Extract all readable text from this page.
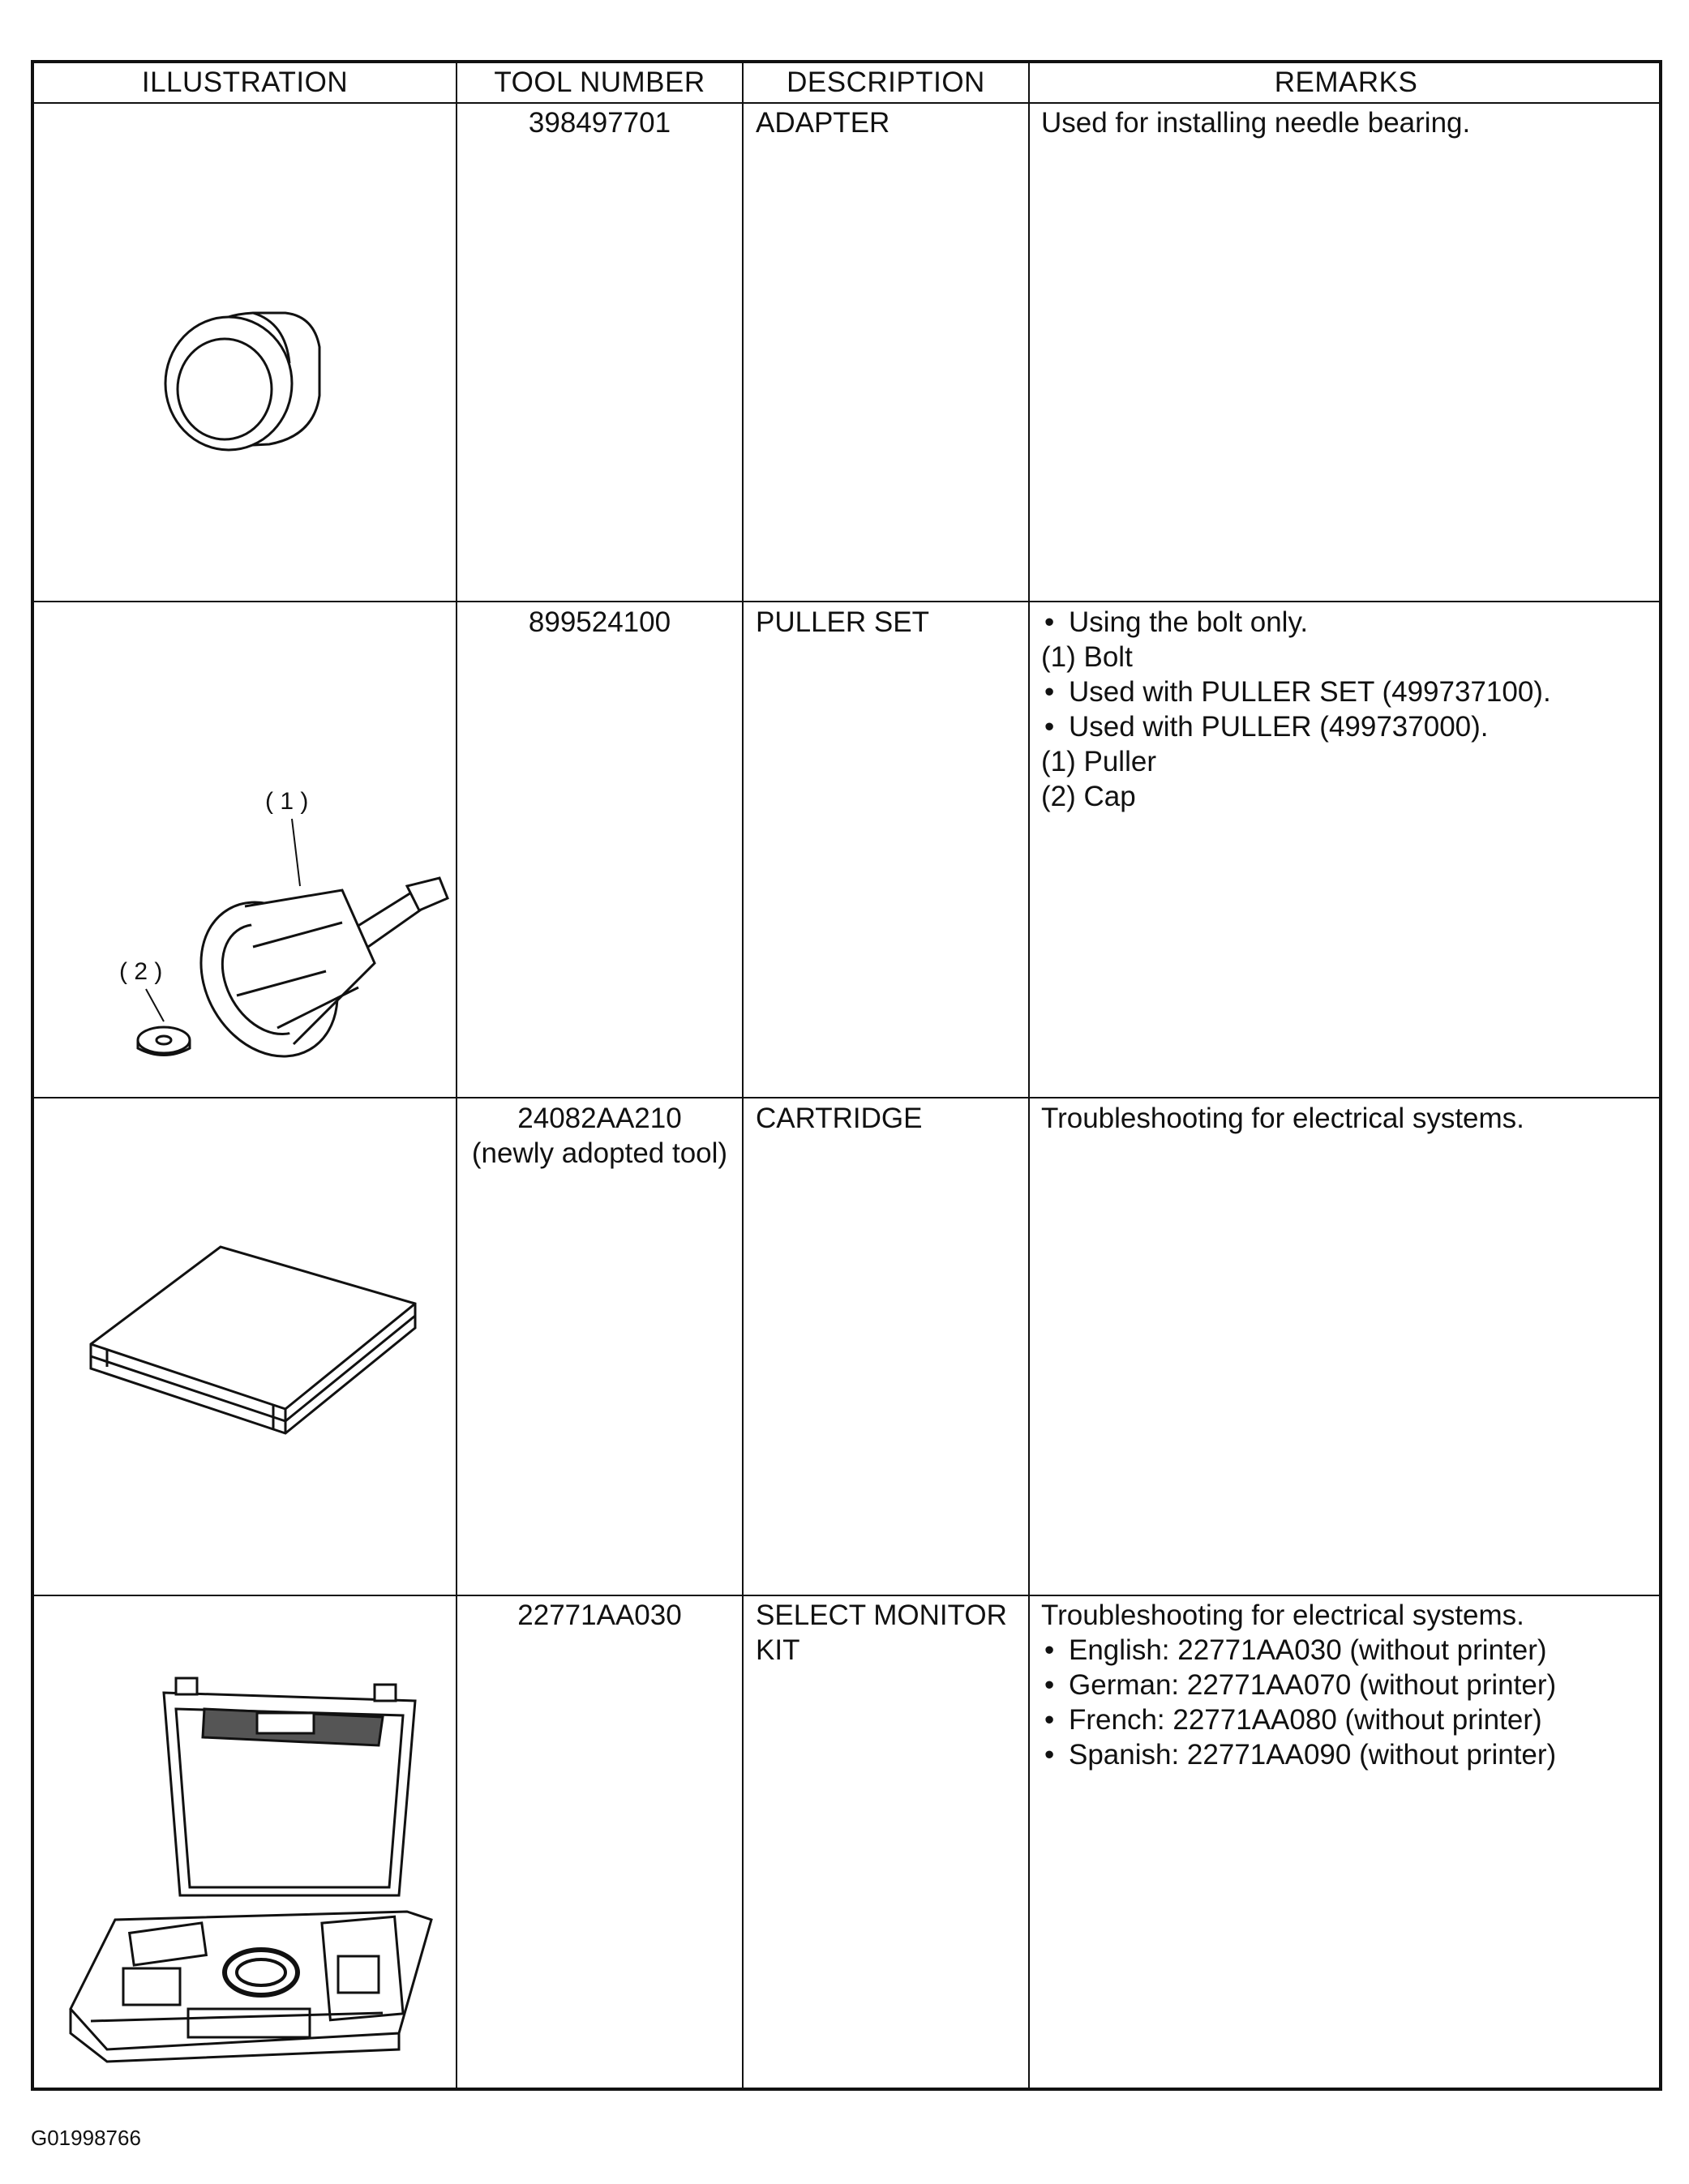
ILLUSTRATION	TOOL NUMBER	DESCRIPTION	REMARKS
398497701	ADAPTER	Used for installing needle bearing.
( 1 )
( 2 )
899524100	PULLER SET
•	Using the bolt only.
(1) Bolt
• Used with PULLER SET (499737100).
• Used with PULLER (499737000).
(1) Puller
(2) Cap
24082AA210
(newly adopted tool)
CARTRIDGE	Troubleshooting for electrical systems.
22771AA030	SELECT MONITOR KIT
Troubleshooting for electrical systems.
• English: 22771AA030 (without printer)
• German: 22771AA070 (without printer)
• French: 22771AA080 (without printer)
• Spanish: 22771AA090 (without printer)
G01998766
